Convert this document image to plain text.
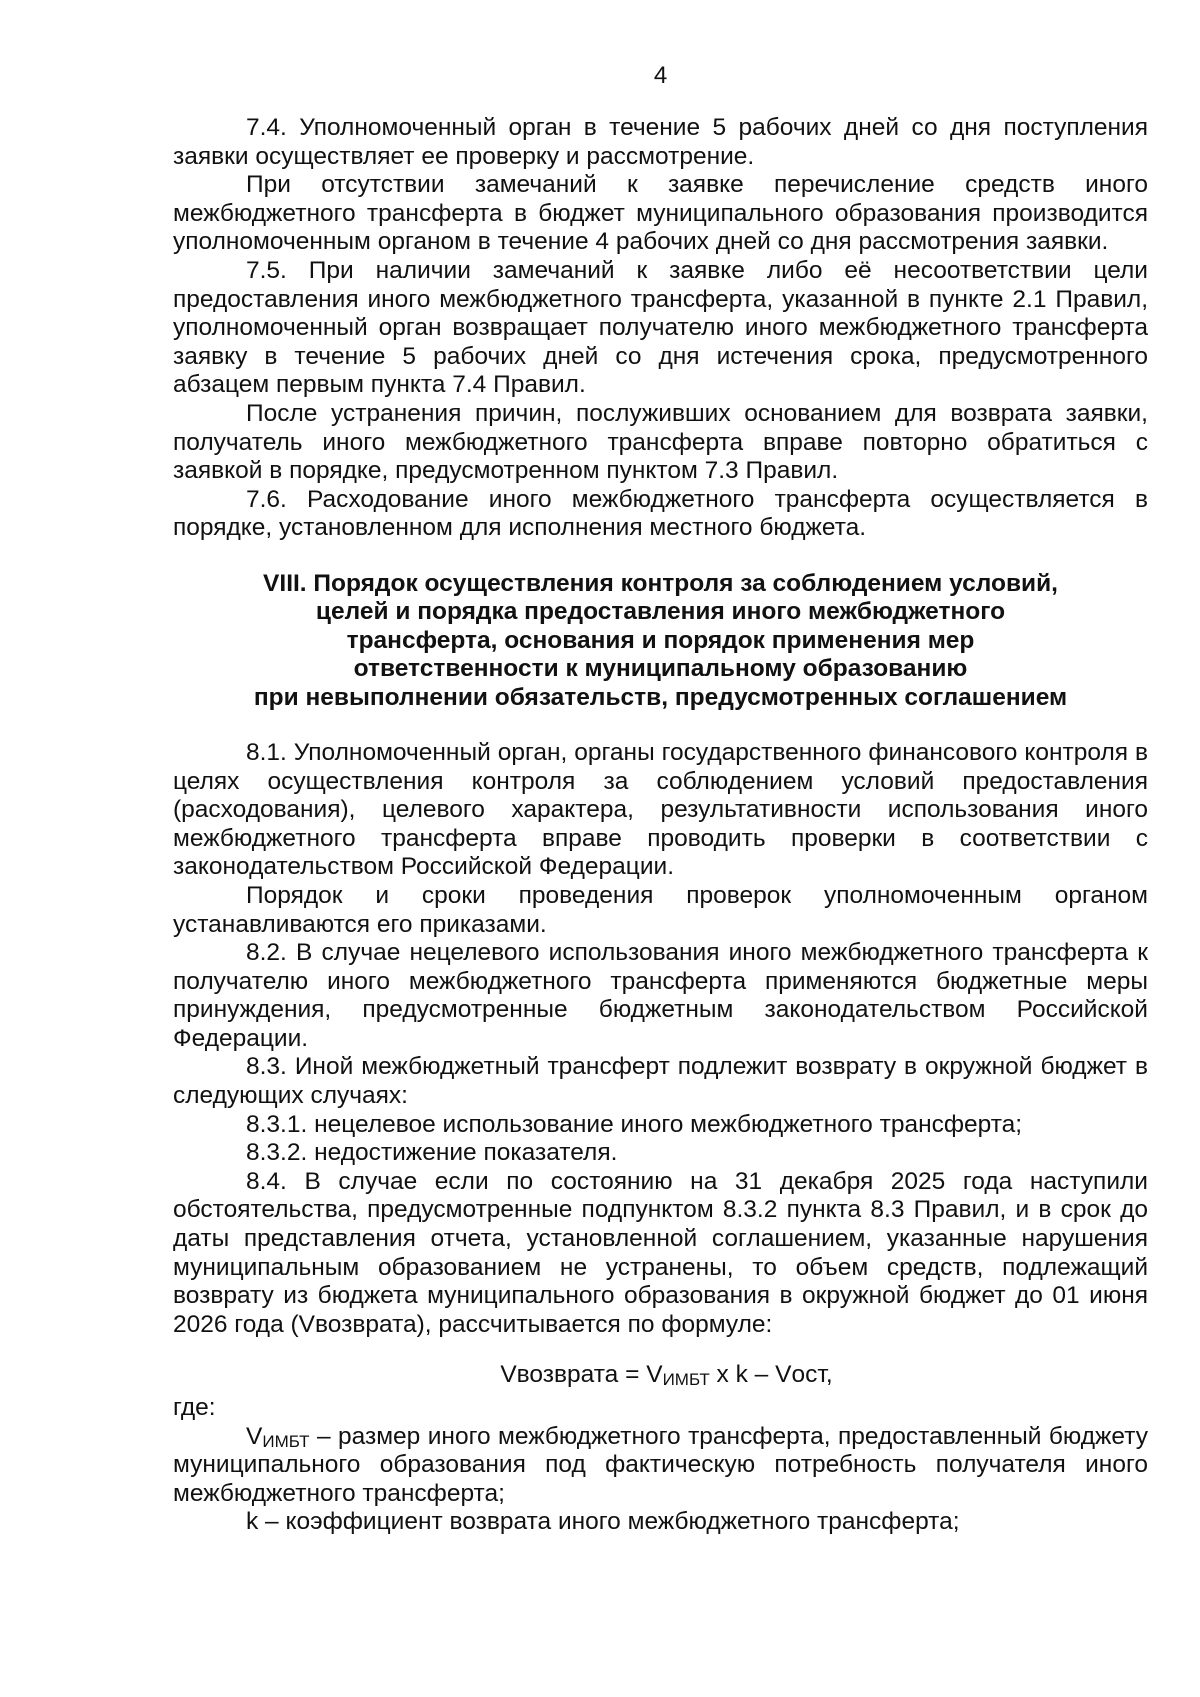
4

7.4. Уполномоченный орган в течение 5 рабочих дней со дня поступления заявки осуществляет ее проверку и рассмотрение.

При отсутствии замечаний к заявке перечисление средств иного межбюджетного трансферта в бюджет муниципального образования производится уполномоченным органом в течение 4 рабочих дней со дня рассмотрения заявки.

7.5. При наличии замечаний к заявке либо её несоответствии цели предоставления иного межбюджетного трансферта, указанной в пункте 2.1 Правил, уполномоченный орган возвращает получателю иного межбюджетного трансферта заявку в течение 5 рабочих дней со дня истечения срока, предусмотренного абзацем первым пункта 7.4 Правил.

После устранения причин, послуживших основанием для возврата заявки, получатель иного межбюджетного трансферта вправе повторно обратиться с заявкой в порядке, предусмотренном пунктом 7.3 Правил.

7.6. Расходование иного межбюджетного трансферта осуществляется в порядке, установленном для исполнения местного бюджета.

VIII. Порядок осуществления контроля за соблюдением условий,
целей и порядка предоставления иного межбюджетного
трансферта, основания и порядок применения мер
ответственности к муниципальному образованию
при невыполнении обязательств, предусмотренных соглашением

8.1. Уполномоченный орган, органы государственного финансового контроля в целях осуществления контроля за соблюдением условий предоставления (расходования), целевого характера, результативности использования иного межбюджетного трансферта вправе проводить проверки в соответствии с законодательством Российской Федерации.

Порядок и сроки проведения проверок уполномоченным органом устанавливаются его приказами.

8.2. В случае нецелевого использования иного межбюджетного трансферта к получателю иного межбюджетного трансферта применяются бюджетные меры принуждения, предусмотренные бюджетным законодательством Российской Федерации.

8.3. Иной межбюджетный трансферт подлежит возврату в окружной бюджет в следующих случаях:

8.3.1. нецелевое использование иного межбюджетного трансферта;

8.3.2. недостижение показателя.

8.4. В случае если по состоянию на 31 декабря 2025 года наступили обстоятельства, предусмотренные подпунктом 8.3.2 пункта 8.3 Правил, и в срок до даты представления отчета, установленной соглашением, указанные нарушения муниципальным образованием не устранены, то объем средств, подлежащий возврату из бюджета муниципального образования в окружной бюджет до 01 июня 2026 года (Vвозврата), рассчитывается по формуле:

Vвозврата = $V_{ИМБТ}$ x k – Vост,

где:

$V_{ИМБТ}$ – размер иного межбюджетного трансферта, предоставленный бюджету муниципального образования под фактическую потребность получателя иного межбюджетного трансферта;

k – коэффициент возврата иного межбюджетного трансферта;
